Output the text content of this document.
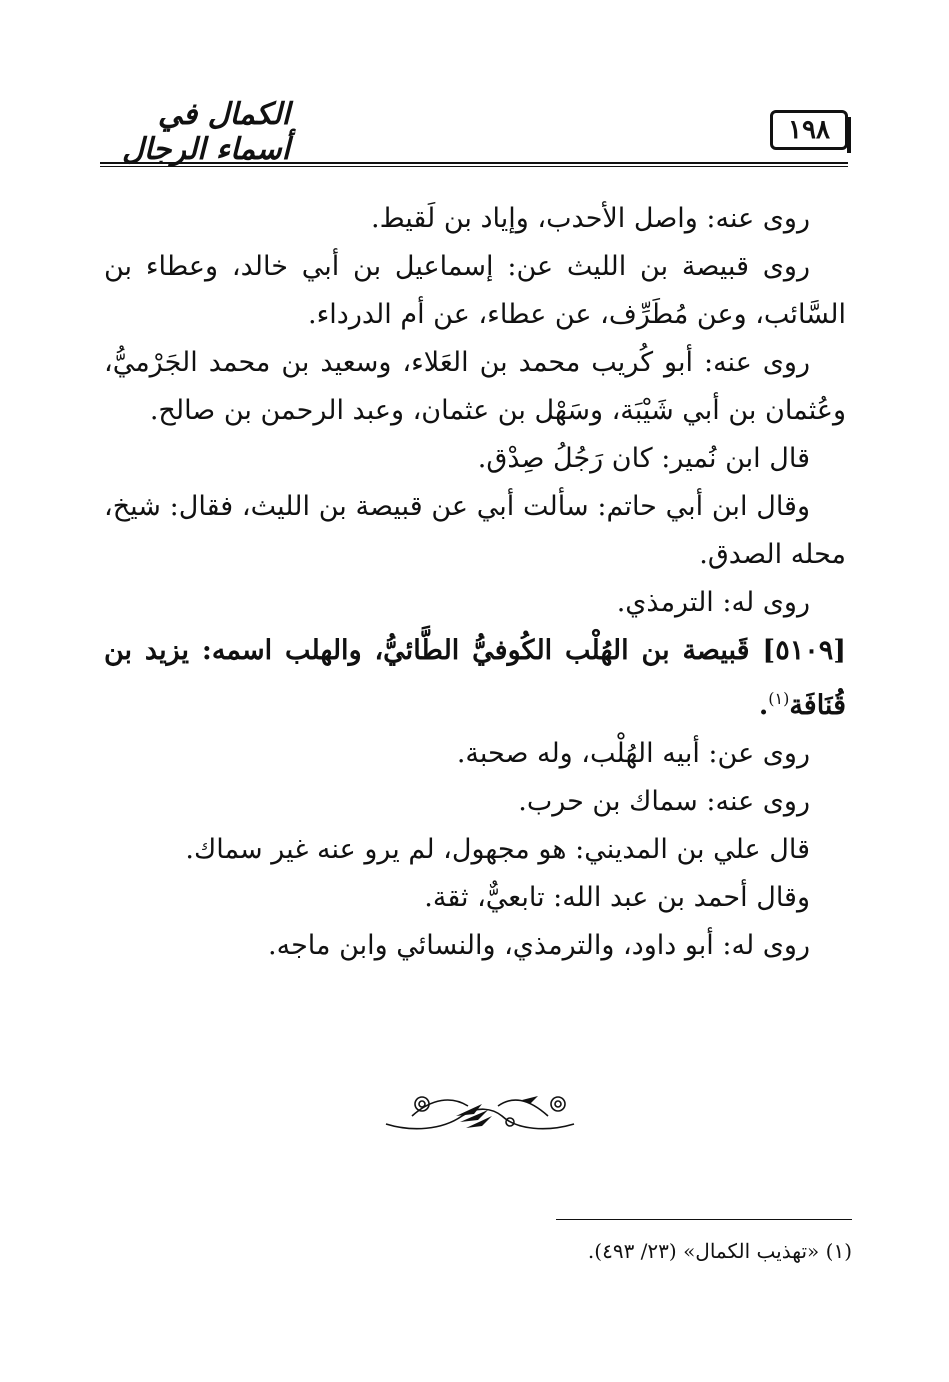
١٩٨
الكمال في أسماء الرجال

روى عنه: واصل الأحدب، وإياد بن لَقيط.

روى قبيصة بن الليث عن: إسماعيل بن أبي خالد، وعطاء بن السَّائب، وعن مُطَرِّف، عن عطاء، عن أم الدرداء.

روى عنه: أبو كُريب محمد بن العَلاء، وسعيد بن محمد الجَرْميُّ، وعُثمان بن أبي شَيْبَة، وسَهْل بن عثمان، وعبد الرحمن بن صالح.

قال ابن نُمير: كان رَجُلُ صِدْق.

وقال ابن أبي حاتم: سألت أبي عن قبيصة بن الليث، فقال: شيخ، محله الصدق.

روى له: الترمذي.

[٥١٠٩] قَبيصة بن الهُلْب الكُوفيُّ الطَّائيُّ، والهلب اسمه: يزيد بن قُنَافَة$^{(١)}$.

روى عن: أبيه الهُلْب، وله صحبة.

روى عنه: سماك بن حرب.

قال علي بن المديني: هو مجهول، لم يرو عنه غير سماك.

وقال أحمد بن عبد الله: تابعيٌّ، ثقة.

روى له: أبو داود، والترمذي، والنسائي وابن ماجه.

(١) «تهذيب الكمال» (٢٣/ ٤٩٣).
